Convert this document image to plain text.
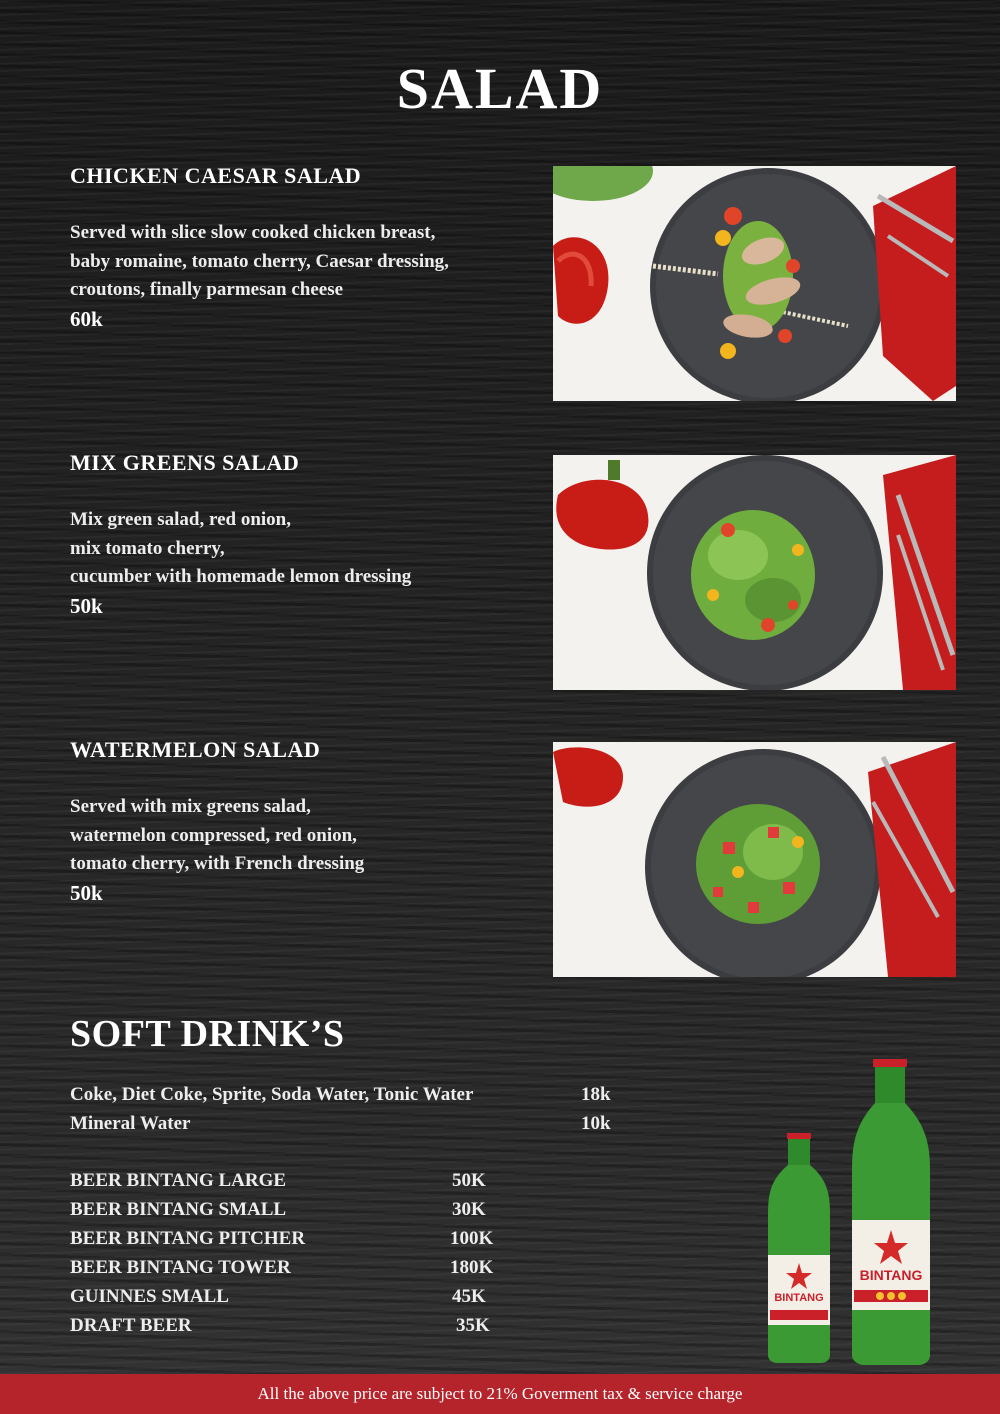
SALAD
CHICKEN CAESAR SALAD
Served with slice slow cooked chicken breast,
baby romaine, tomato cherry, Caesar dressing,
croutons, finally parmesan cheese
60k
MIX GREENS SALAD
Mix green salad, red onion,
mix tomato cherry,
cucumber with homemade lemon dressing
50k
WATERMELON SALAD
Served with mix greens salad,
watermelon compressed, red onion,
tomato cherry, with French dressing
50k
SOFT DRINK’S
Coke, Diet Coke, Sprite, Soda Water, Tonic Water	18k
Mineral Water	10k
BEER BINTANG LARGE	50K
BEER BINTANG SMALL	30K
BEER BINTANG PITCHER	100K
BEER BINTANG TOWER	180K
GUINNES SMALL	45K
DRAFT BEER	35K
BINTANG
BINTANG
All the above price are subject to 21% Goverment tax & service charge
